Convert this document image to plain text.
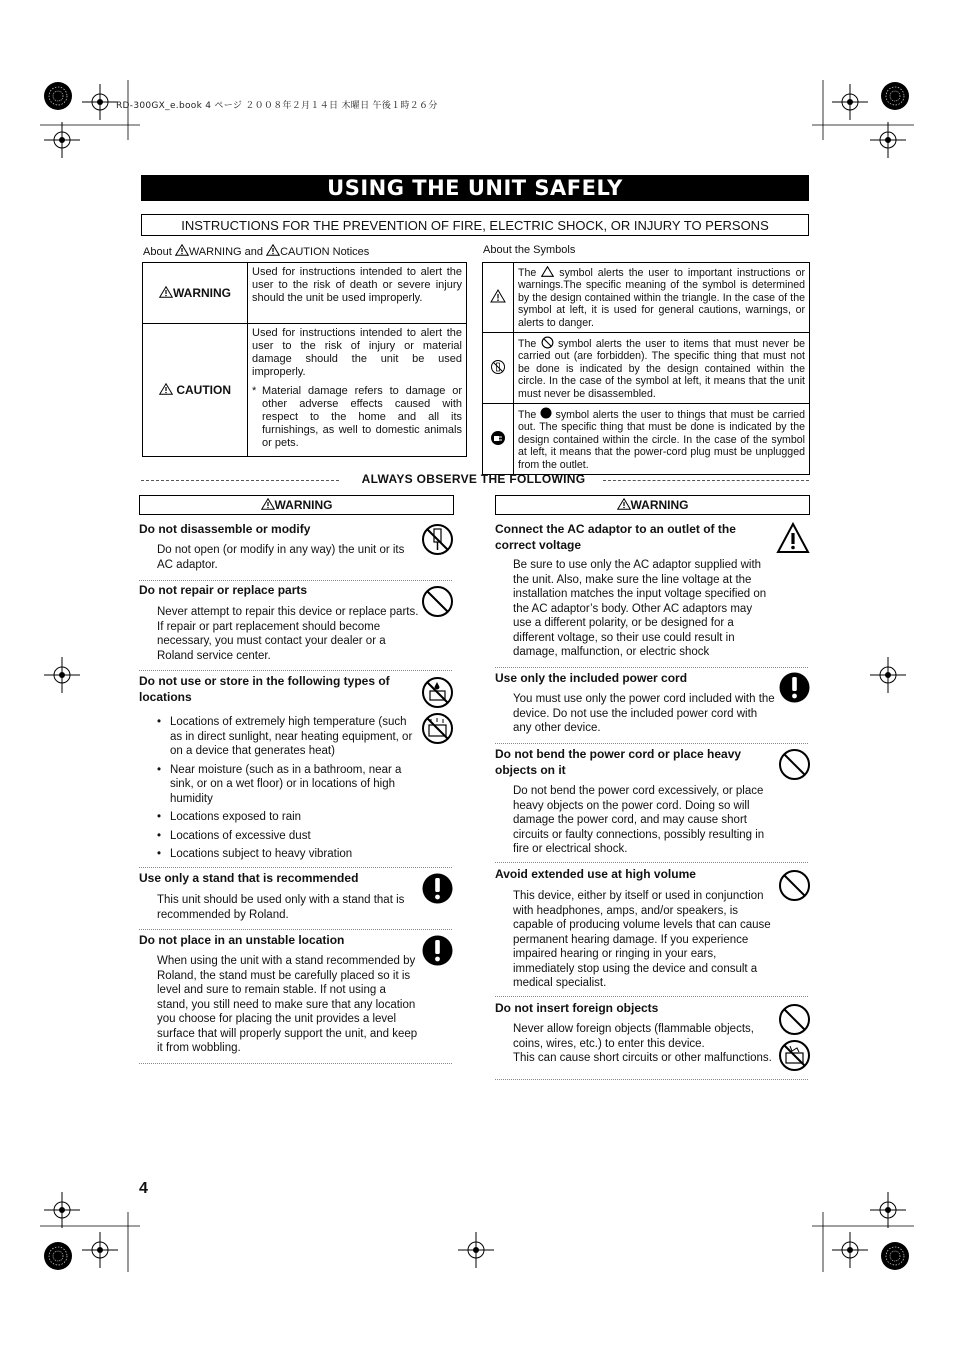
RD-300GX_e.book 4 ページ ２００８年２月１４日 木曜日 午後１時２６分
USING THE UNIT SAFELY
INSTRUCTIONS FOR THE PREVENTION OF FIRE, ELECTRIC SHOCK, OR INJURY TO PERSONS
About WARNING and CAUTION Notices
WARNING	Used for instructions intended to alert the user to the risk of death or severe injury should the unit be used improperly.
CAUTION	Used for instructions intended to alert the user to the risk of injury or material damage should the unit be used improperly.
* Material damage refers to damage or other adverse effects caused with respect to the home and all its furnishings, as well to domestic animals or pets.
About the Symbols
	The symbol alerts the user to important instructions or warnings.The specific meaning of the symbol is determined by the design contained within the triangle. In the case of the symbol at left, it is used for general cautions, warnings, or alerts to danger.
	The symbol alerts the user to items that must never be carried out (are forbidden). The specific thing that must not be done is indicated by the design contained within the circle. In the case of the symbol at left, it means that the unit must never be disassembled.
	The symbol alerts the user to things that must be carried out. The specific thing that must be done is indicated by the design contained within the circle. In the case of the symbol at left, it means that the power-cord plug must be unplugged from the outlet.
ALWAYS OBSERVE THE FOLLOWING
WARNING
Do not disassemble or modify
Do not open (or modify in any way) the unit or its AC adaptor.
Do not repair or replace parts
Never attempt to repair this device or replace parts. If repair or part replacement should become necessary, you must contact your dealer or a Roland service center.
Do not use or store in the following types of locations
• Locations of extremely high temperature (such as in direct sunlight, near heating equipment, or on a device that generates heat)
• Near moisture (such as in a bathroom, near a sink, or on a wet floor) or in locations of high humidity
• Locations exposed to rain
• Locations of excessive dust
• Locations subject to heavy vibration
Use only a stand that is recommended
This unit should be used only with a stand that is recommended by Roland.
Do not place in an unstable location
When using the unit with a stand recommended by Roland, the stand must be carefully placed so it is level and sure to remain stable. If not using a stand, you still need to make sure that any location you choose for placing the unit provides a level surface that will properly support the unit, and keep it from wobbling.
WARNING
Connect the AC adaptor to an outlet of the correct voltage
Be sure to use only the AC adaptor supplied with the unit. Also, make sure the line voltage at the installation matches the input voltage specified on the AC adaptor’s body. Other AC adaptors may use a different polarity, or be designed for a different voltage, so their use could result in damage, malfunction, or electric shock
Use only the included power cord
You must use only the power cord included with the device. Do not use the included power cord with any other device.
Do not bend the power cord or place heavy objects on it
Do not bend the power cord excessively, or place heavy objects on the power cord. Doing so will damage the power cord, and may cause short circuits or faulty connections, possibly resulting in fire or electrical shock.
Avoid extended use at high volume
This device, either by itself or used in conjunction with headphones, amps, and/or speakers, is capable of producing volume levels that can cause permanent hearing damage. If you experience impaired hearing or ringing in your ears, immediately stop using the device and consult a medical specialist.
Do not insert foreign objects
Never allow foreign objects (flammable objects, coins, wires, etc.) to enter this device.
This can cause short circuits or other malfunctions.
4
